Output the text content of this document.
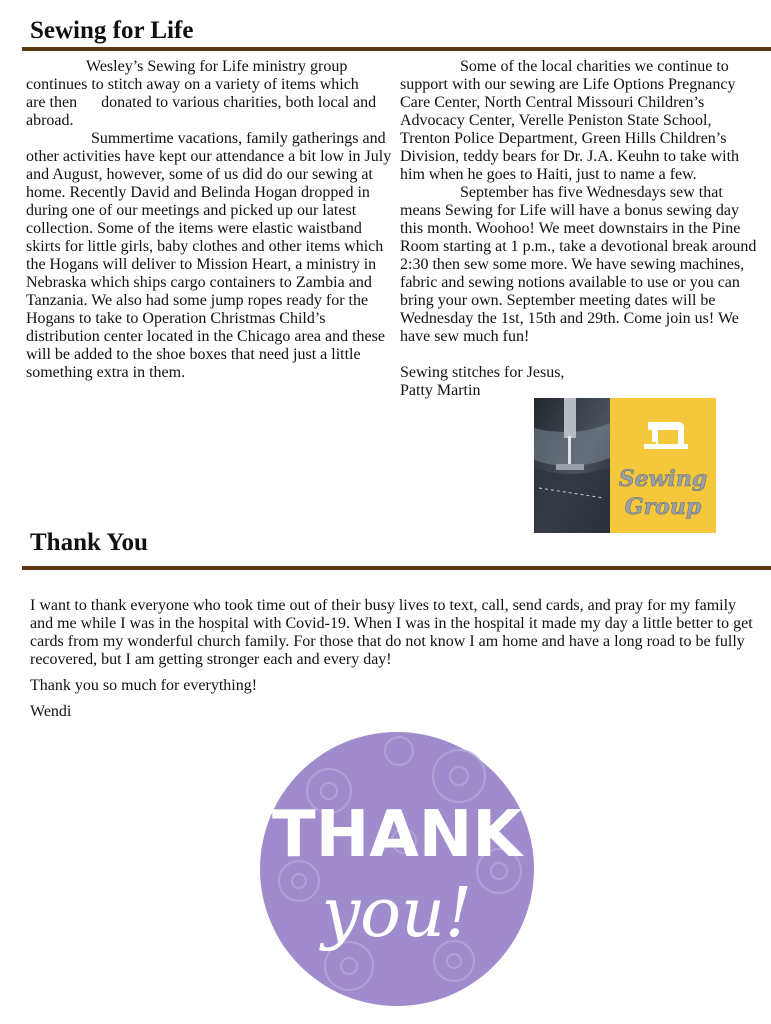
Sewing for Life
Wesley’s Sewing for Life ministry group
continues to stitch away on a variety of items which
are then      donated to various charities, both local and
abroad.

Summertime vacations, family gatherings and other activities have kept our attendance a bit low in July and August, however, some of us did do our sewing at home. Recently David and Belinda Hogan dropped in during one of our meetings and picked up our latest collection. Some of the items were elastic waistband skirts for little girls, baby clothes and other items which the Hogans will deliver to Mission Heart, a ministry in Nebraska which ships cargo containers to Zambia and Tanzania. We also had some jump ropes ready for the Hogans to take to Operation Christmas Child’s distribution center located in the Chicago area and these will be added to the shoe boxes that need just a little something extra in them.

Some of the local charities we continue to support with our sewing are Life Options Pregnancy Care Center, North Central Missouri Children’s Advocacy Center, Verelle Peniston State School, Trenton Police Department, Green Hills Children’s Division, teddy bears for Dr. J.A. Keuhn to take with him when he goes to Haiti, just to name a few.

September has five Wednesdays sew that means Sewing for Life will have a bonus sewing day this month. Woohoo! We meet downstairs in the Pine Room starting at 1 p.m., take a devotional break around 2:30 then sew some more. We have sewing machines, fabric and sewing notions available to use or you can bring your own. September meeting dates will be Wednesday the 1st, 15th and 29th. Come join us! We have sew much fun!

Sewing stitches for Jesus,

Patty Martin

Sewing
Group
Thank You

I want to thank everyone who took time out of their busy lives to text, call, send cards, and pray for my family and me while I was in the hospital with Covid-19. When I was in the hospital it made my day a little better to get cards from my wonderful church family. For those that do not know I am home and have a long road to be fully recovered, but I am getting stronger each and every day!

Thank you so much for everything!

Wendi

THANK
you!
